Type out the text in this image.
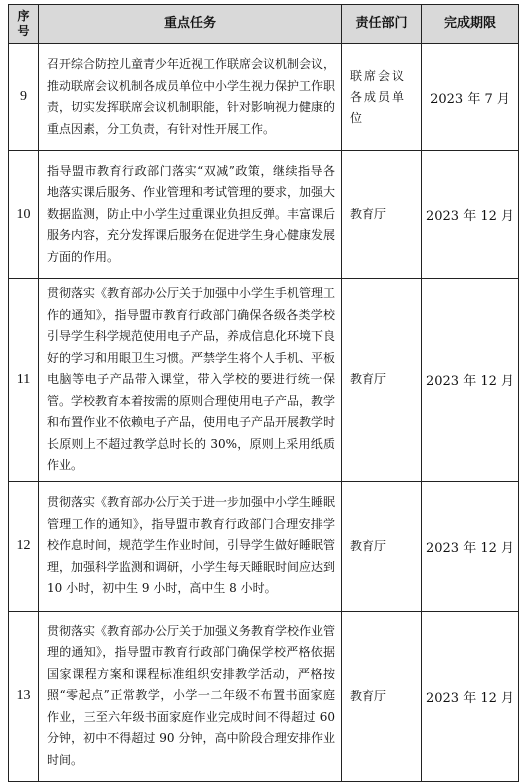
序号	重点任务	责任部门	完成期限
9	召开综合防控儿童青少年近视工作联席会议机制会议，推动联席会议机制各成员单位中小学生视力保护工作职责，切实发挥联席会议机制职能，针对影响视力健康的重点因素，分工负责，有针对性开展工作。	联席会议各成员单位	2023 年 7 月
10	指导盟市教育行政部门落实“双减”政策，继续指导各地落实课后服务、作业管理和考试管理的要求，加强大数据监测，防止中小学生过重课业负担反弹。丰富课后服务内容，充分发挥课后服务在促进学生身心健康发展方面的作用。	教育厅	2023 年 12 月
11	贯彻落实《教育部办公厅关于加强中小学生手机管理工作的通知》，指导盟市教育行政部门确保各级各类学校引导学生科学规范使用电子产品，养成信息化环境下良好的学习和用眼卫生习惯。严禁学生将个人手机、平板电脑等电子产品带入课堂，带入学校的要进行统一保管。学校教育本着按需的原则合理使用电子产品，教学和布置作业不依赖电子产品，使用电子产品开展教学时长原则上不超过教学总时长的 30%，原则上采用纸质作业。	教育厅	2023 年 12 月
12	贯彻落实《教育部办公厅关于进一步加强中小学生睡眠管理工作的通知》，指导盟市教育行政部门合理安排学校作息时间，规范学生作业时间，引导学生做好睡眠管理，加强科学监测和调研，小学生每天睡眠时间应达到 10 小时，初中生 9 小时，高中生 8 小时。	教育厅	2023 年 12 月
13	贯彻落实《教育部办公厅关于加强义务教育学校作业管理的通知》，指导盟市教育行政部门确保学校严格依据国家课程方案和课程标准组织安排教学活动，严格按照“零起点”正常教学，小学一二年级不布置书面家庭作业，三至六年级书面家庭作业完成时间不得超过 60 分钟，初中不得超过 90 分钟，高中阶段合理安排作业时间。	教育厅	2023 年 12 月
